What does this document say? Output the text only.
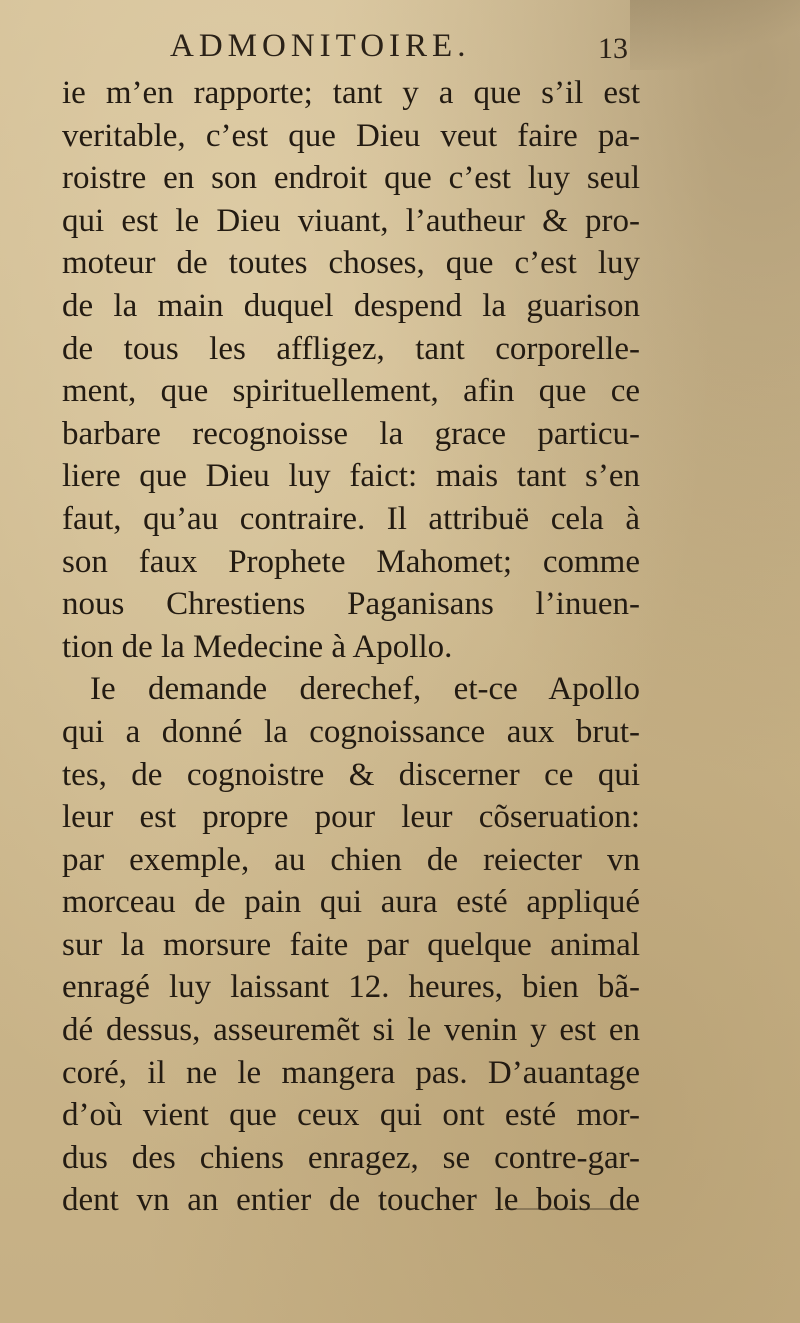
ADMONITOIRE.	13
ie m’en rapporte; tant y a que s’il est
veritable, c’est que Dieu veut faire pa-
roistre en son endroit que c’est luy seul
qui est le Dieu viuant, l’autheur & pro-
moteur de toutes choses, que c’est luy
de la main duquel despend la guarison
de tous les affligez, tant corporelle-
ment, que spirituellement, afin que ce
barbare recognoisse la grace particu-
liere que Dieu luy faict: mais tant s’en
faut, qu’au contraire. Il attribuë cela à
son faux Prophete Mahomet; comme
nous Chrestiens Paganisans l’inuen-
tion de la Medecine à Apollo.
Ie demande derechef, et-ce Apollo
qui a donné la cognoissance aux brut-
tes, de cognoistre & discerner ce qui
leur est propre pour leur cõseruation:
par exemple, au chien de reiecter vn
morceau de pain qui aura esté appliqué
sur la morsure faite par quelque animal
enragé luy laissant 12. heures, bien bã-
dé dessus, asseuremẽt si le venin y est en
coré, il ne le mangera pas. D’auantage
d’où vient que ceux qui ont esté mor-
dus des chiens enragez, se contre-gar-
dent vn an entier de toucher le bois de
